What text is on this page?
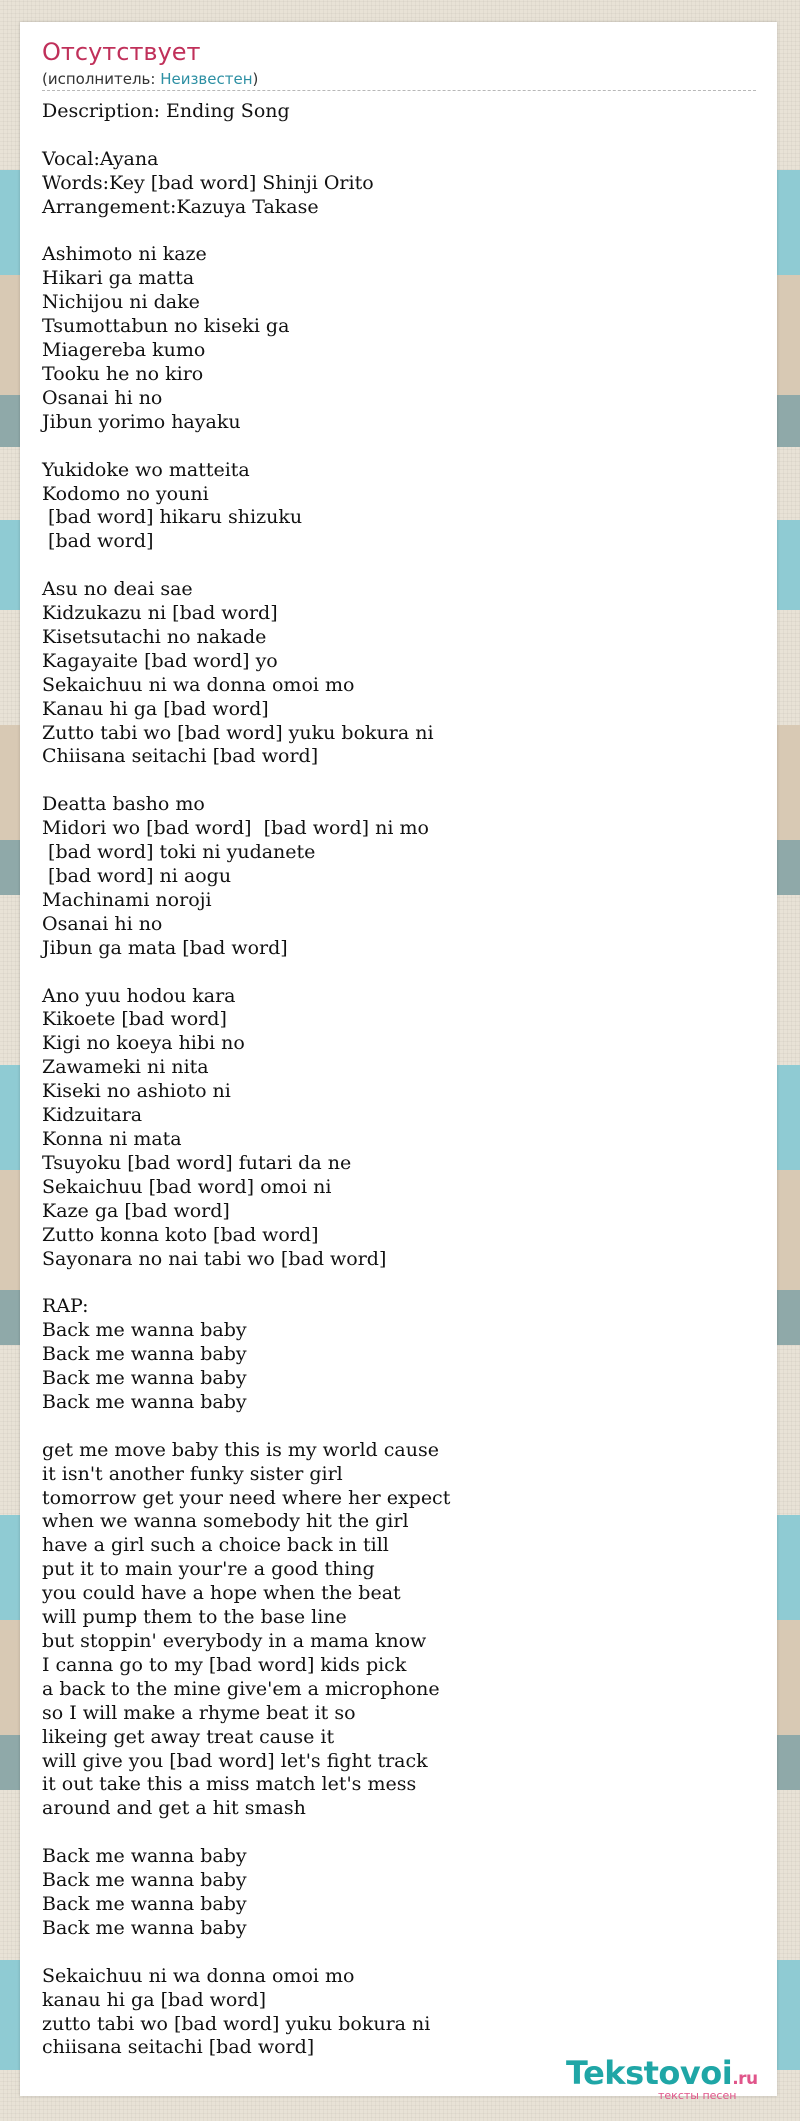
Отсутствует
(исполнитель: Неизвестен)
Description: Ending Song

Vocal:Ayana
Words:Key [bad word] Shinji Orito
Arrangement:Kazuya Takase

Ashimoto ni kaze
Hikari ga matta
Nichijou ni dake
Tsumottabun no kiseki ga
Miagereba kumo
Tooku he no kiro
Osanai hi no
Jibun yorimo hayaku

Yukidoke wo matteita
Kodomo no youni
[bad word] hikaru shizuku
[bad word]

Asu no deai sae
Kidzukazu ni [bad word]
Kisetsutachi no nakade
Kagayaite [bad word] yo
Sekaichuu ni wa donna omoi mo
Kanau hi ga [bad word]
Zutto tabi wo [bad word] yuku bokura ni
Chiisana seitachi [bad word]

Deatta basho mo
Midori wo [bad word]  [bad word] ni mo
[bad word] toki ni yudanete
[bad word] ni aogu
Machinami noroji
Osanai hi no
Jibun ga mata [bad word]

Ano yuu hodou kara
Kikoete [bad word]
Kigi no koeya hibi no
Zawameki ni nita
Kiseki no ashioto ni
Kidzuitara
Konna ni mata
Tsuyoku [bad word] futari da ne
Sekaichuu [bad word] omoi ni
Kaze ga [bad word]
Zutto konna koto [bad word]
Sayonara no nai tabi wo [bad word]

RAP:
Back me wanna baby
Back me wanna baby
Back me wanna baby
Back me wanna baby

get me move baby this is my world cause
it isn't another funky sister girl
tomorrow get your need where her expect
when we wanna somebody hit the girl
have a girl such a choice back in till
put it to main your're a good thing
you could have a hope when the beat
will pump them to the base line
but stoppin' everybody in a mama know
I canna go to my [bad word] kids pick
a back to the mine give'em a microphone
so I will make a rhyme beat it so
likeing get away treat cause it
will give you [bad word] let's fight track
it out take this a miss match let's mess
around and get a hit smash

Back me wanna baby
Back me wanna baby
Back me wanna baby
Back me wanna baby

Sekaichuu ni wa donna omoi mo
kanau hi ga [bad word]
zutto tabi wo [bad word] yuku bokura ni
chiisana seitachi [bad word]
Tekstovoi.ru
тексты песен
